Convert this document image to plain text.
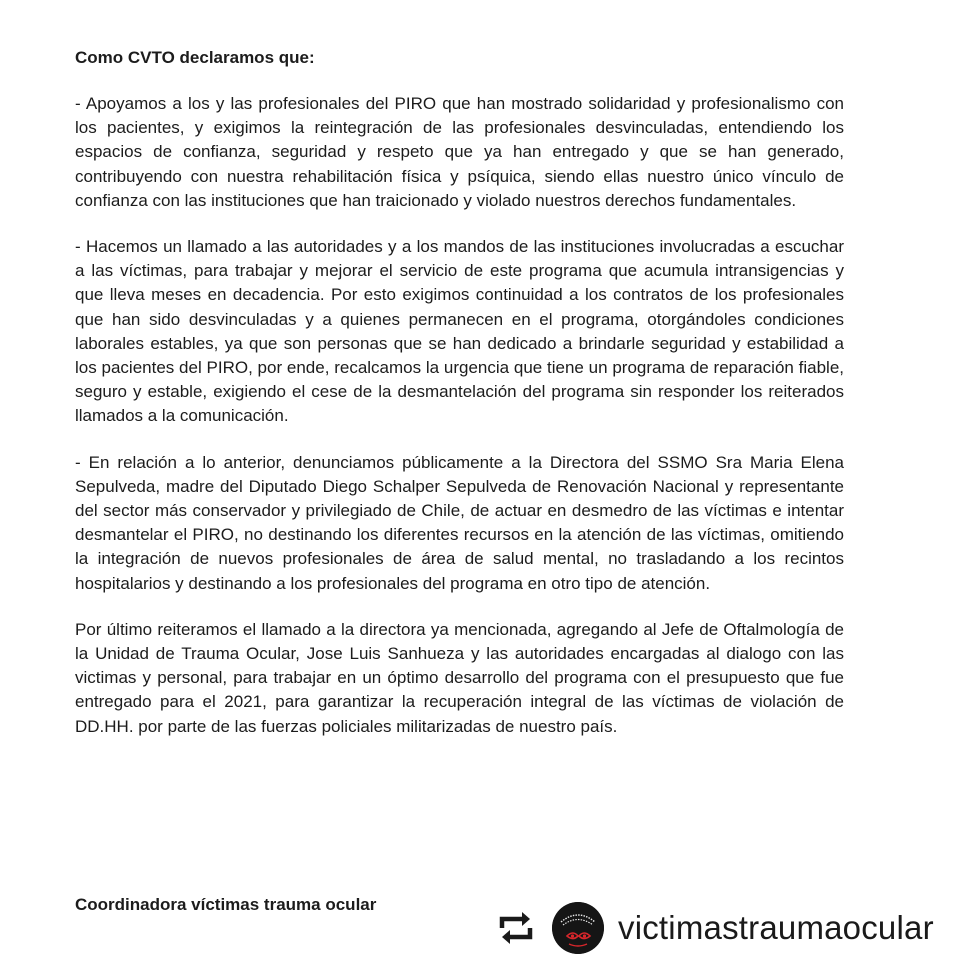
Como CVTO declaramos que:
- Apoyamos a los y las profesionales del PIRO que han mostrado solidaridad y profesionalismo con los pacientes, y exigimos la reintegración de las profesionales desvinculadas, entendiendo los espacios de confianza, seguridad y respeto que ya han entregado y que se han generado, contribuyendo con nuestra rehabilitación física y psíquica, siendo ellas nuestro único vínculo de confianza con las instituciones que han traicionado y violado nuestros derechos fundamentales.
- Hacemos un llamado a las autoridades y a los mandos de las instituciones involucradas a escuchar a las víctimas, para trabajar y mejorar el servicio de este programa que acumula intransigencias y que lleva meses en decadencia. Por esto exigimos continuidad a los contratos de los profesionales que han sido desvinculadas y a quienes permanecen en el programa, otorgándoles condiciones laborales estables, ya que son personas que se han dedicado a brindarle seguridad y estabilidad a los pacientes del PIRO, por ende, recalcamos la urgencia que tiene un programa de reparación fiable, seguro y estable, exigiendo el cese de la desmantelación del programa sin responder los reiterados llamados a la comunicación.
- En relación a lo anterior, denunciamos públicamente a la Directora del SSMO Sra Maria Elena Sepulveda, madre del Diputado Diego Schalper Sepulveda de Renovación Nacional y representante del sector más conservador y privilegiado de Chile, de actuar en desmedro de las víctimas e intentar desmantelar el PIRO, no destinando los diferentes recursos en la atención de las víctimas, omitiendo la integración de nuevos profesionales de área de salud mental, no trasladando a los recintos hospitalarios y destinando a los profesionales del programa en otro tipo de atención.
Por último reiteramos el llamado a la directora ya mencionada, agregando al Jefe de Oftalmología de la Unidad de Trauma Ocular, Jose Luis Sanhueza y las autoridades encargadas al dialogo con las victimas y personal, para trabajar en un óptimo desarrollo del programa con el presupuesto que fue entregado para el 2021, para garantizar la recuperación integral de las víctimas de violación de DD.HH. por parte de las fuerzas policiales militarizadas de nuestro país.
Coordinadora víctimas trauma ocular
victimastraumaocular
